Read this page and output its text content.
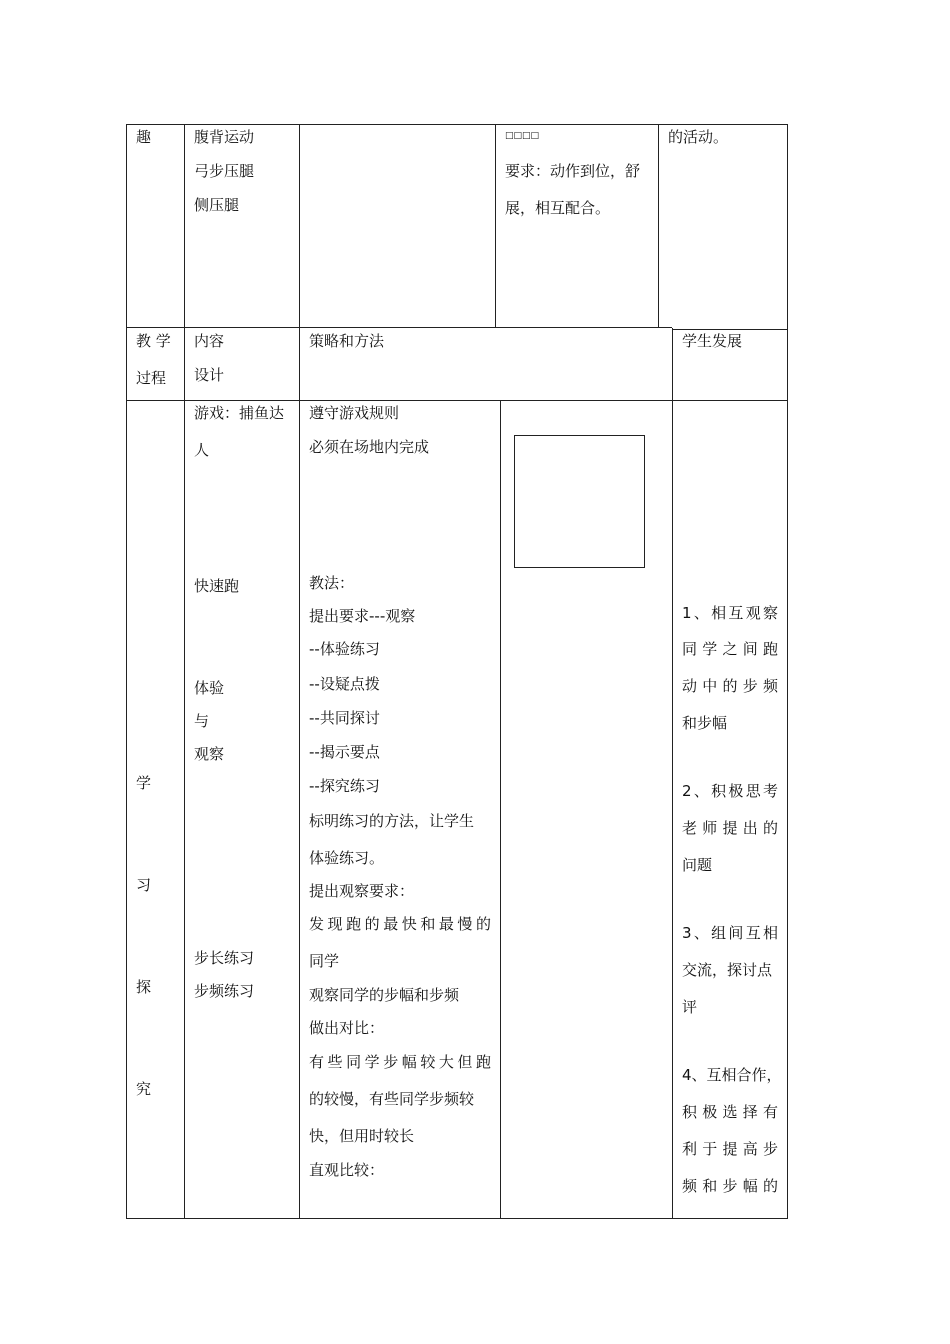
趣	腹背运动
弓步压腿
侧压腿
□□□□
要求：动作到位，舒
展，相互配合。
的活动。
教 学
过程
内容
设计
策略和方法	学生发展
学
习
探
究
游戏：捕鱼达
人
快速跑
体验
与
观察
步长练习
步频练习
遵守游戏规则
必须在场地内完成
教法：
提出要求---观察
--体验练习
--设疑点拨
--共同探讨
--揭示要点
--探究练习
标明练习的方法，让学生
体验练习。
提出观察要求：
发现跑的最快和最慢的
同学
观察同学的步幅和步频
做出对比：
有些同学步幅较大但跑
的较慢，有些同学步频较
快，但用时较长
直观比较：
1、相互观察
同学之间跑
动中的步频
和步幅
2、积极思考
老师提出的
问题
3、组间互相
交流，探讨点
评
4、互相合作，
积极选择有
利于提高步
频和步幅的
